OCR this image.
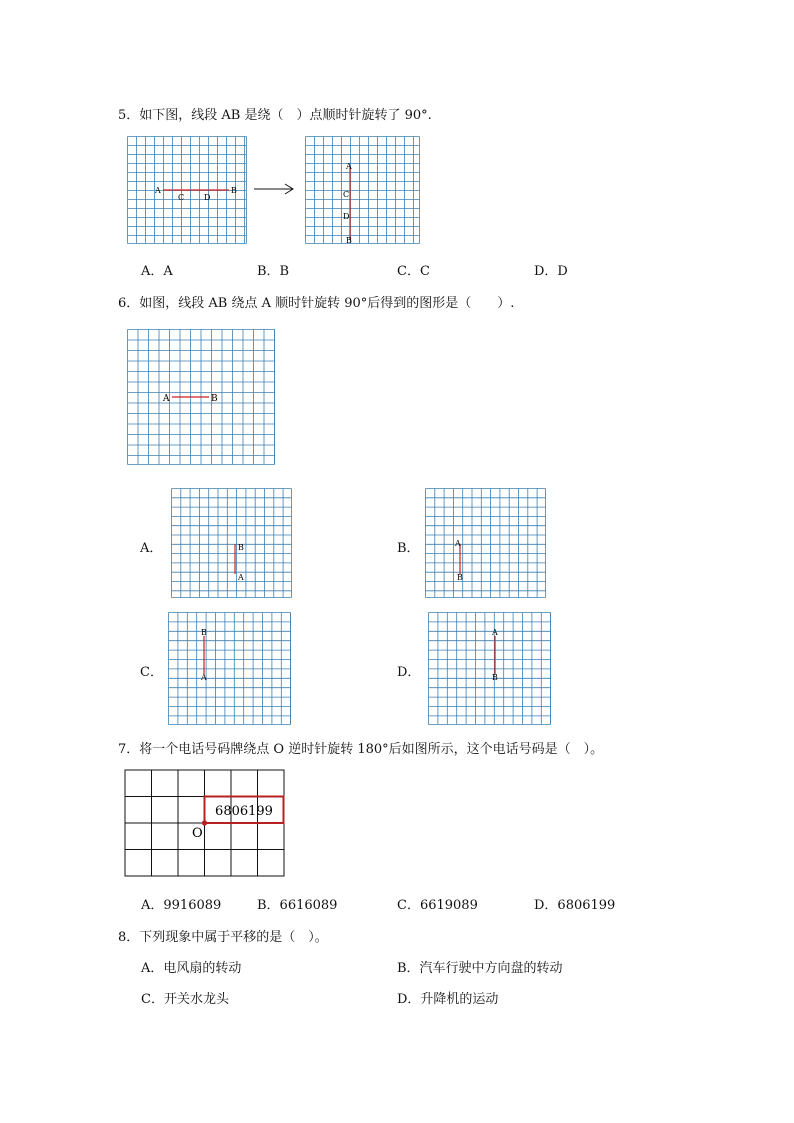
5．如下图，线段 AB 是绕（　）点顺时针旋转了 90°.
A	B
C D
A
C
D
B
A．A	B．B	C．C	D．D
6．如图，线段 AB 绕点 A 顺时针旋转 90°后得到的图形是（　　）.
A	B
A．	B
A
B．	A
B
C．
B
A	D．
A
B
7．将一个电话号码牌绕点 O 逆时针旋转 180°后如图所示，这个电话号码是（　）。
6806199
O
A．9916089	B．6616089	C．6619089	D．6806199
8．下列现象中属于平移的是（　）。
A．电风扇的转动	B．汽车行驶中方向盘的转动
C．开关水龙头	D．升降机的运动
